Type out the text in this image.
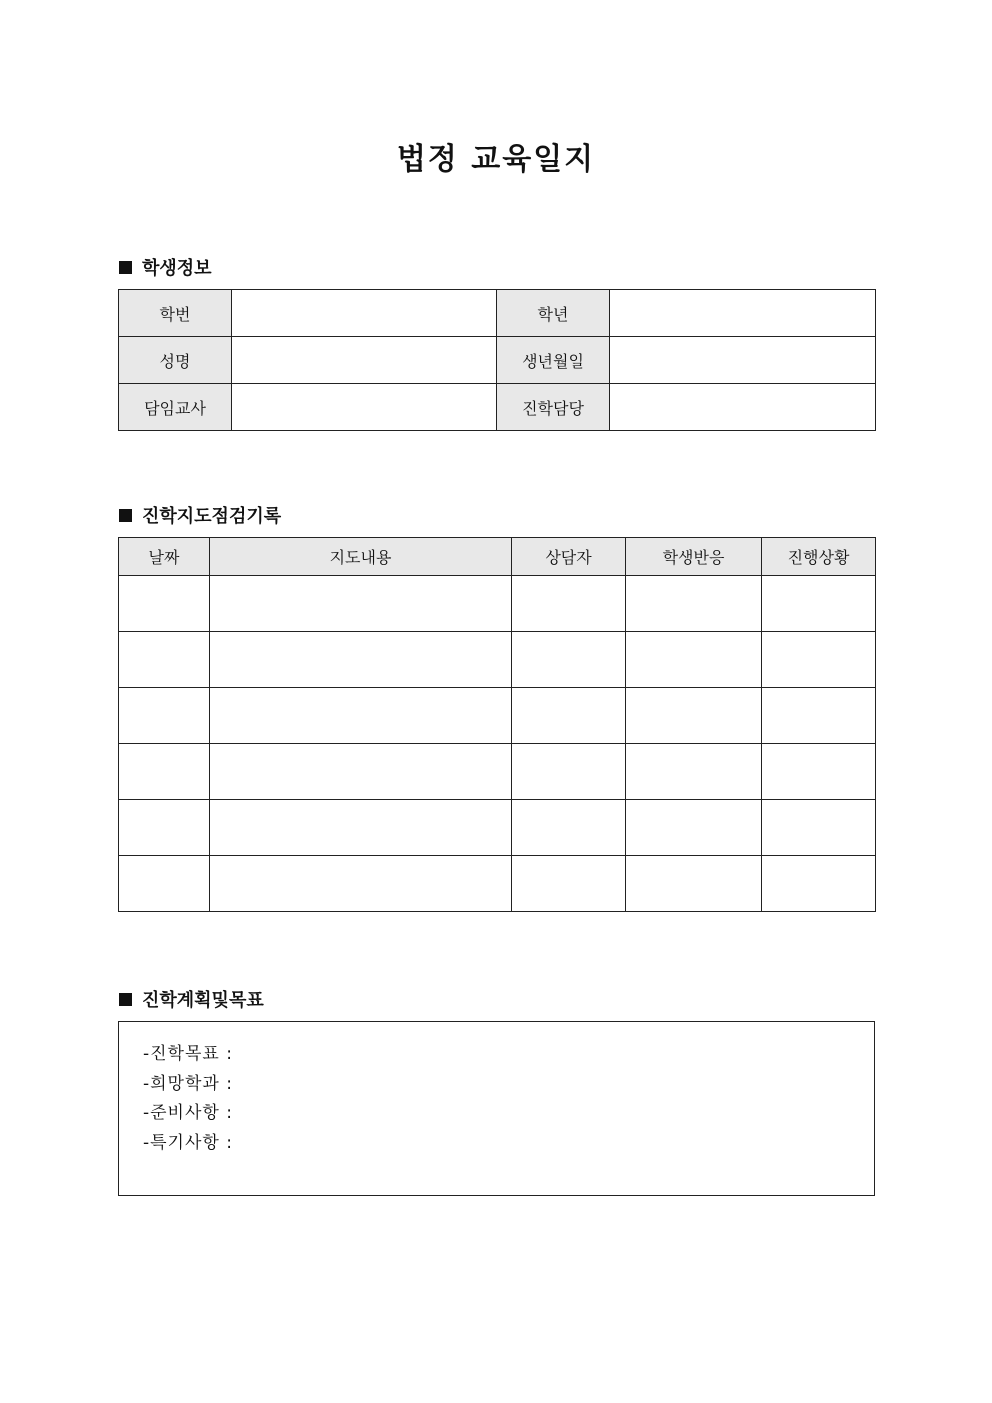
법정 교육일지
학생정보
학번		학년	
성명		생년월일	
담임교사		진학담당	
진학지도점검기록
날짜	지도내용	상담자	학생반응	진행상황

진학계획및목표
-진학목표 :
-희망학과 :
-준비사항 :
-특기사항 :
